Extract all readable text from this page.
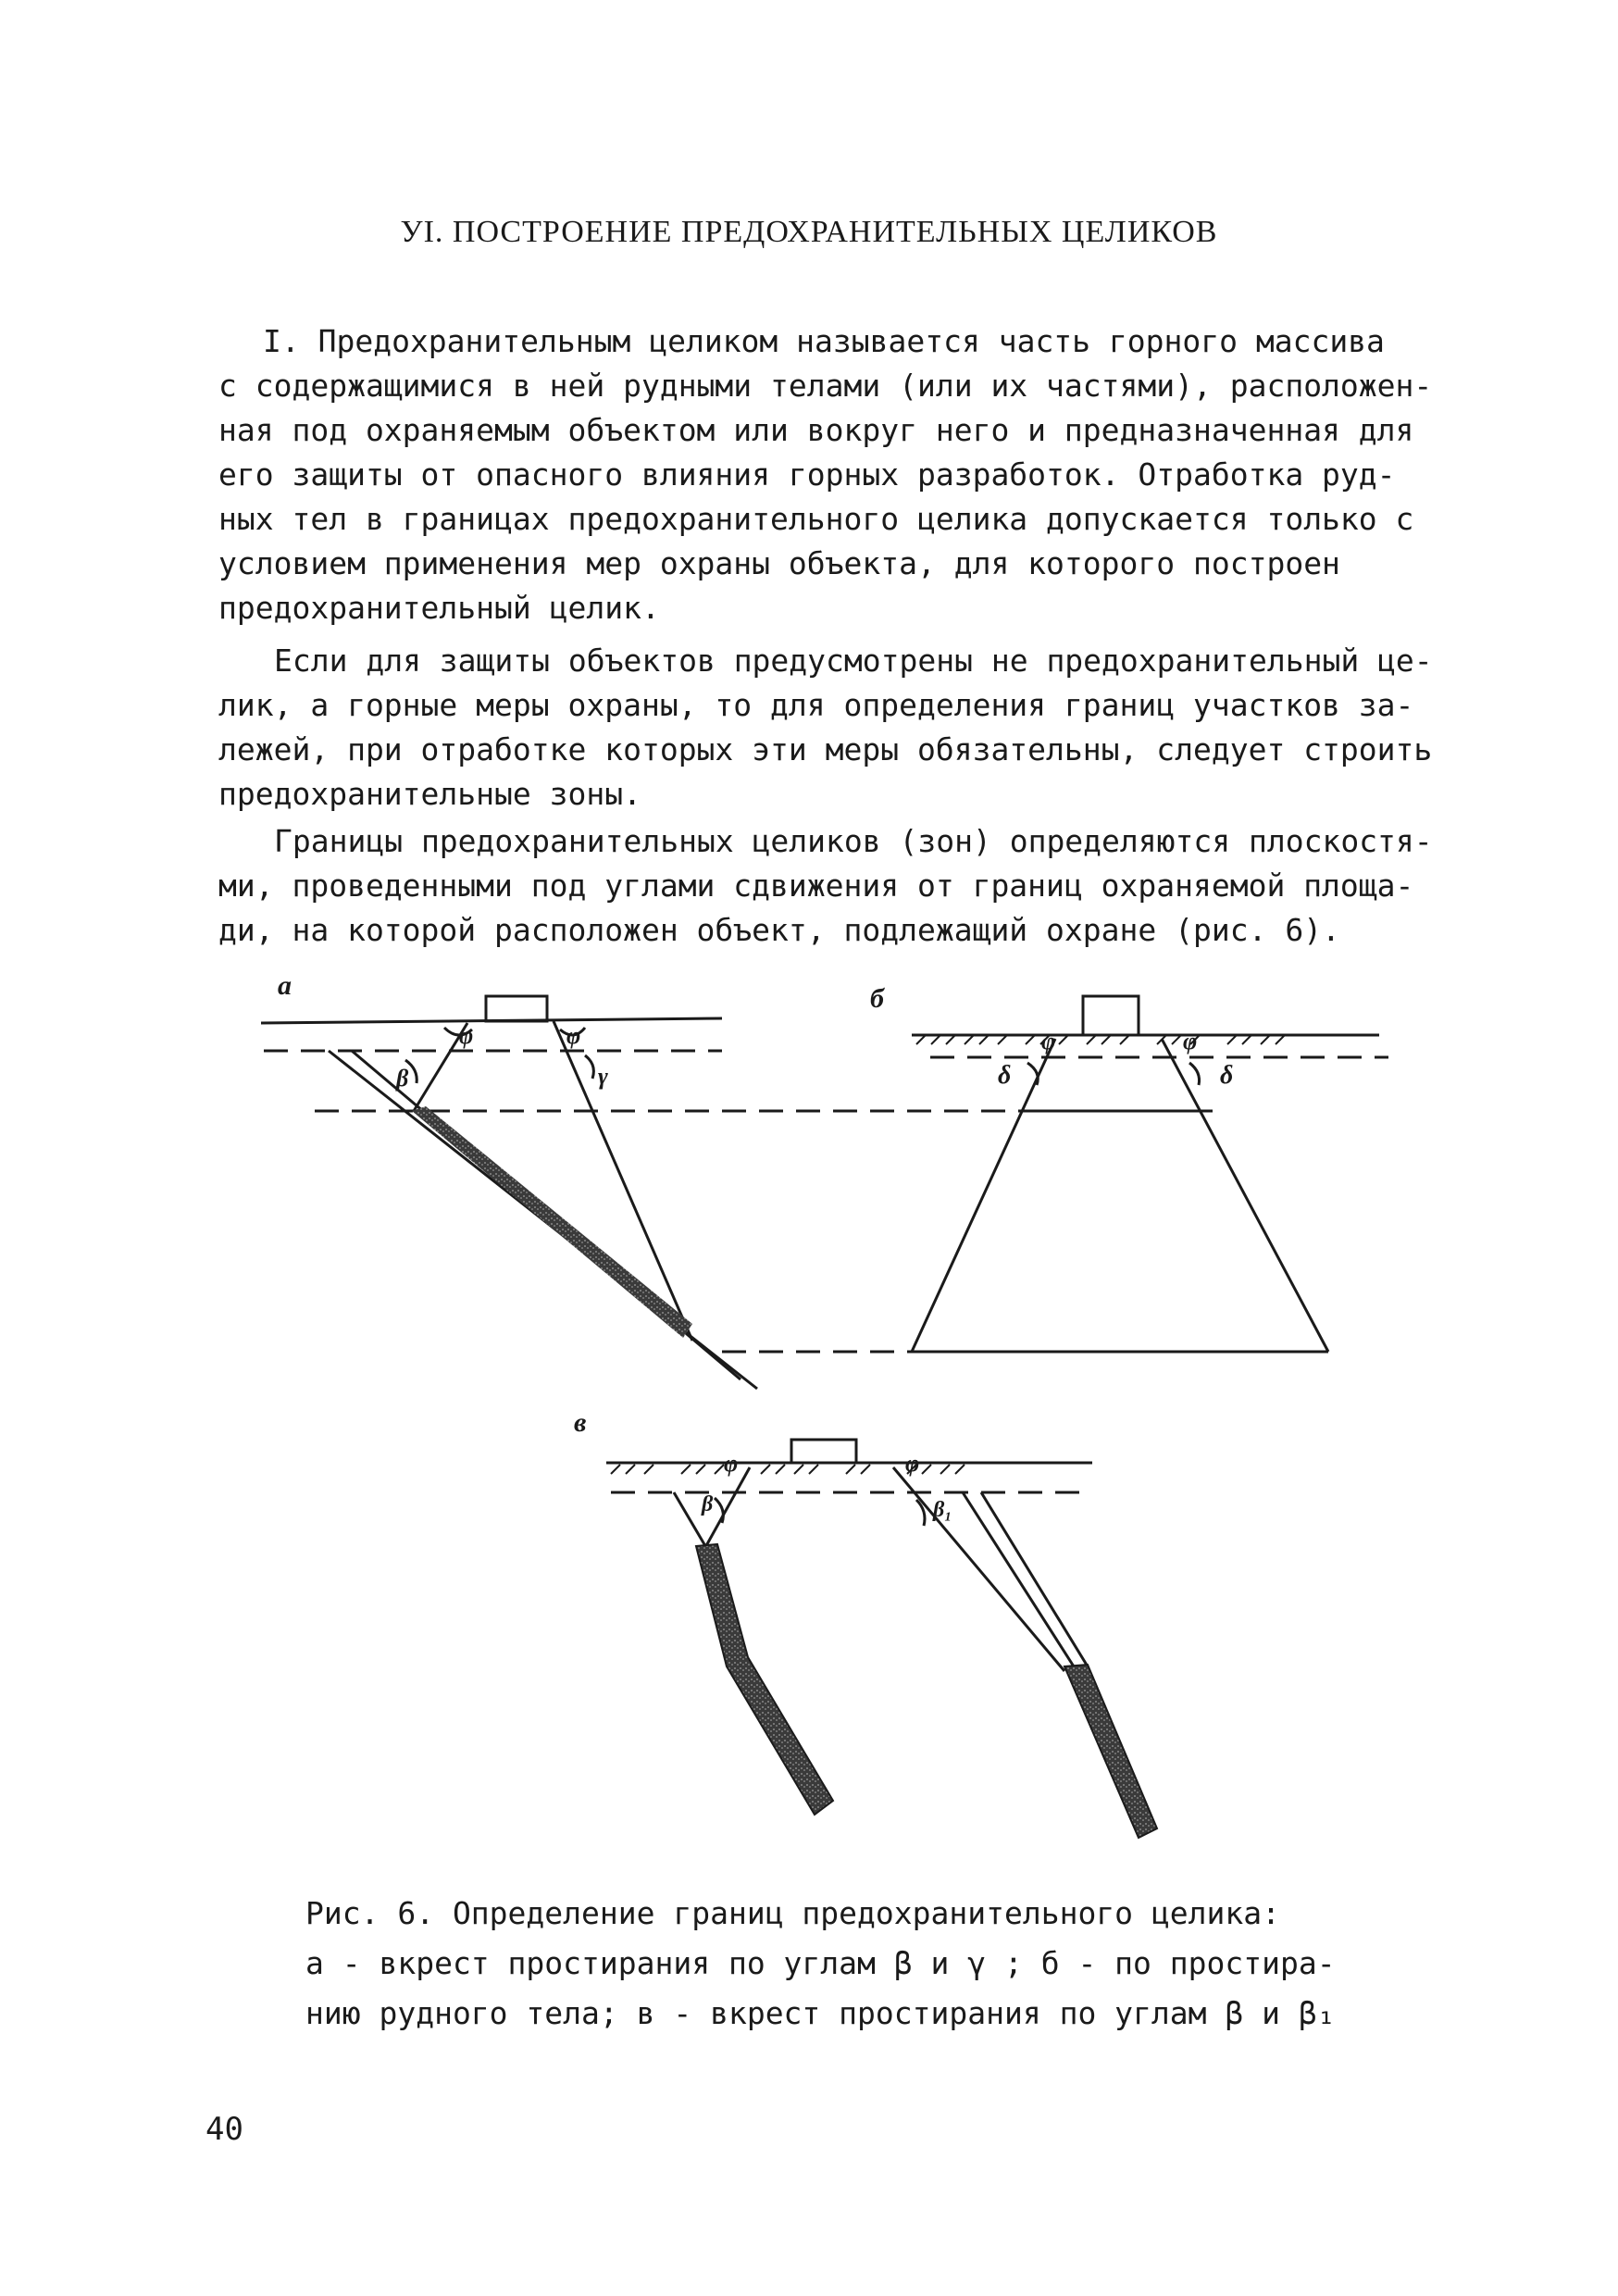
УІ. ПОСТРОЕНИЕ ПРЕДОХРАНИТЕЛЬНЫХ ЦЕЛИКОВ
I. Предохранительным целиком называется часть горного массива
с содержащимися в ней рудными телами (или их частями), расположен-
ная под охраняемым объектом или вокруг него и предназначенная для
его защиты от опасного влияния горных разработок. Отработка руд-
ных тел в границах предохранительного целика допускается только с
условием применения мер охраны объекта, для которого построен
предохранительный целик.
Если для защиты объектов предусмотрены не предохранительный це-
лик, а горные меры охраны, то для определения границ участков за-
лежей, при отработке которых эти меры обязательны, следует строить
предохранительные зоны.
Границы предохранительных целиков (зон) определяются плоскостя-
ми, проведенными под углами сдвижения от границ охраняемой площа-
ди, на которой расположен объект, подлежащий охране (рис. 6).
а	б
в
φ	φ
β	γ
φ	φ
δ	δ
φ	φ
β	β₁
Рис. 6. Определение границ предохранительного целика:
а - вкрест простирания по углам β и γ ; б - по простира-
нию рудного тела; в - вкрест простирания по углам β и β₁
40
